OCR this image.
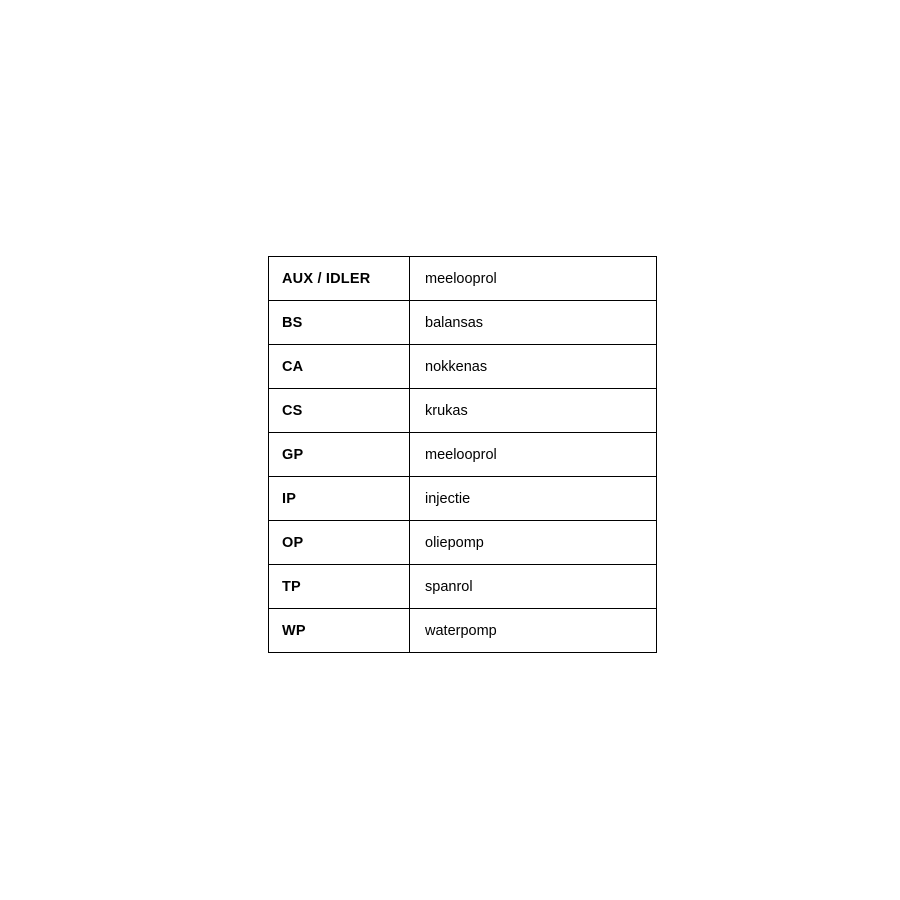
AUX / IDLER	meelooprol
BS	balansas
CA	nokkenas
CS	krukas
GP	meelooprol
IP	injectie
OP	oliepomp
TP	spanrol
WP	waterpomp
